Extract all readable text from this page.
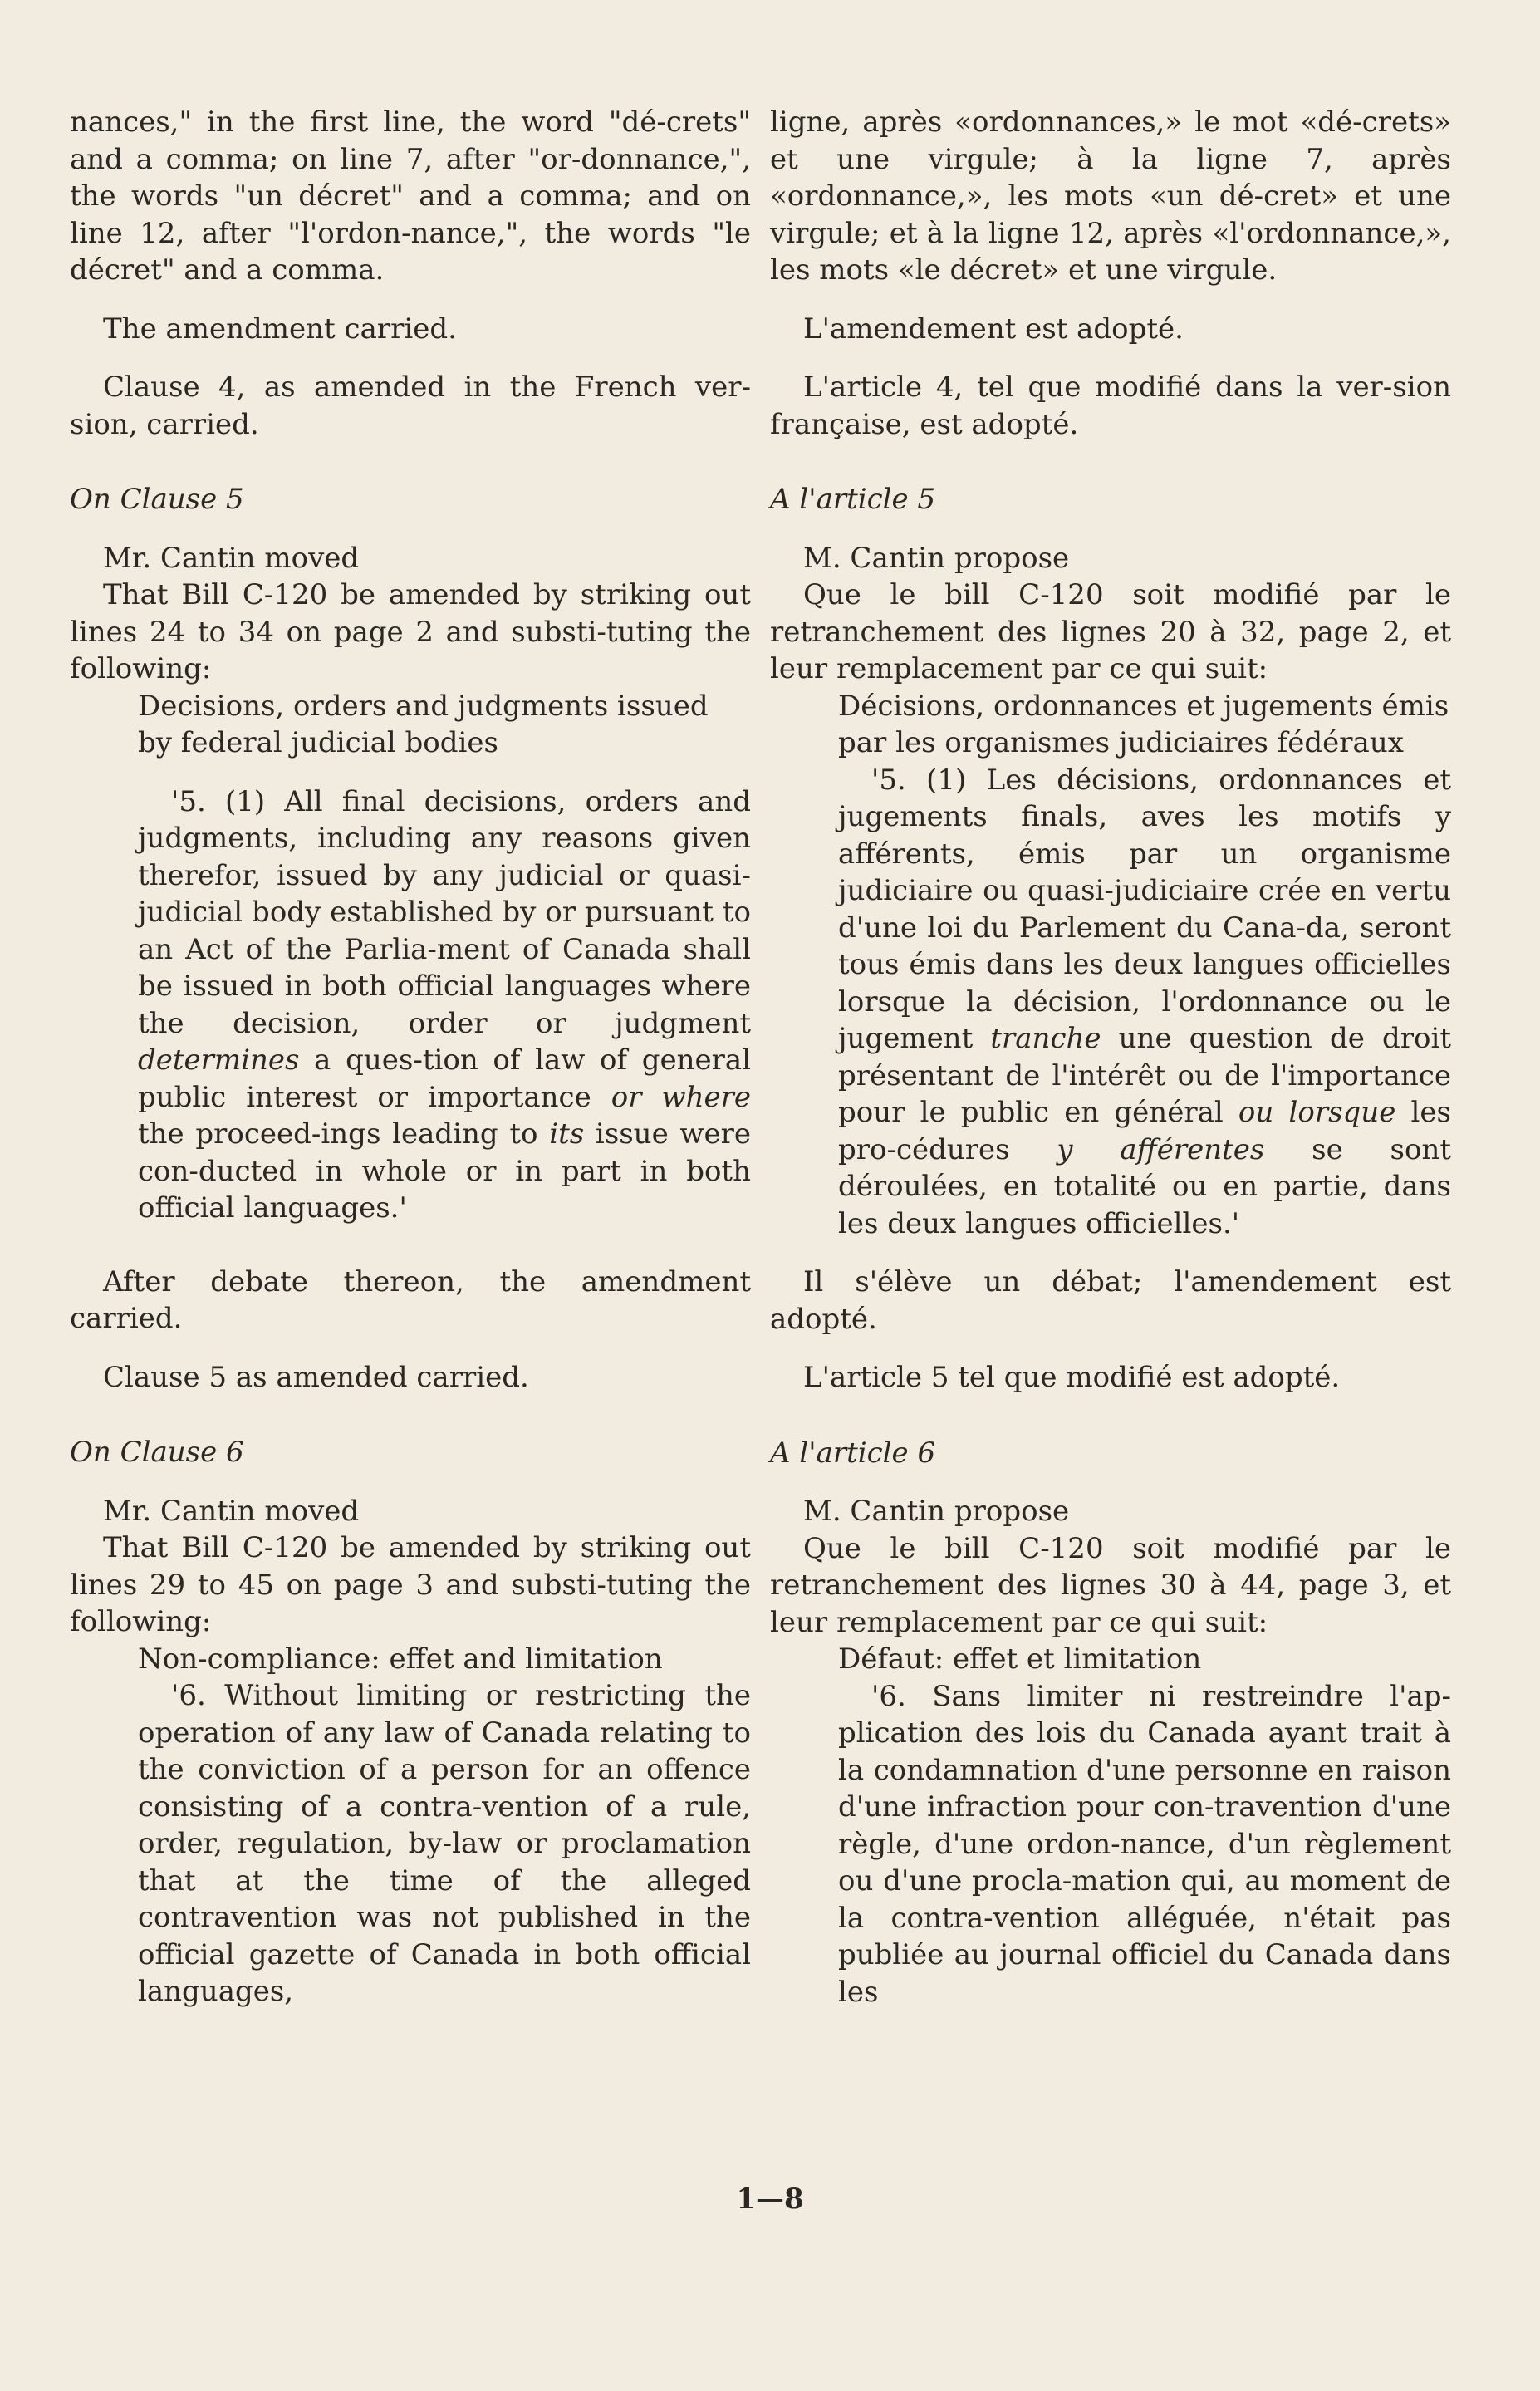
nances," in the first line, the word "dé-crets" and a comma; on line 7, after "or-donnance,", the words "un décret" and a comma; and on line 12, after "l'ordon-nance,", the words "le décret" and a comma.

The amendment carried.

Clause 4, as amended in the French ver-sion, carried.

On Clause 5

Mr. Cantin moved

That Bill C-120 be amended by striking out lines 24 to 34 on page 2 and substi-tuting the following:

Decisions, orders and judgments issued by federal judicial bodies

'5. (1) All final decisions, orders and judgments, including any reasons given therefor, issued by any judicial or quasi-judicial body established by or pursuant to an Act of the Parlia-ment of Canada shall be issued in both official languages where the decision, order or judgment determines a ques-tion of law of general public interest or importance or where the proceed-ings leading to its issue were con-ducted in whole or in part in both official languages.'

After debate thereon, the amendment carried.

Clause 5 as amended carried.

On Clause 6

Mr. Cantin moved

That Bill C-120 be amended by striking out lines 29 to 45 on page 3 and substi-tuting the following:

Non-compliance: effet and limitation

'6. Without limiting or restricting the operation of any law of Canada relating to the conviction of a person for an offence consisting of a contra-vention of a rule, order, regulation, by-law or proclamation that at the time of the alleged contravention was not published in the official gazette of Canada in both official languages,

ligne, après «ordonnances,» le mot «dé-crets» et une virgule; à la ligne 7, après «ordonnance,», les mots «un dé-cret» et une virgule; et à la ligne 12, après «l'ordonnance,», les mots «le décret» et une virgule.

L'amendement est adopté.

L'article 4, tel que modifié dans la ver-sion française, est adopté.

A l'article 5

M. Cantin propose

Que le bill C-120 soit modifié par le retranchement des lignes 20 à 32, page 2, et leur remplacement par ce qui suit:

Décisions, ordonnances et jugements émis par les organismes judiciaires fédéraux

'5. (1) Les décisions, ordonnances et jugements finals, aves les motifs y afférents, émis par un organisme judiciaire ou quasi-judiciaire crée en vertu d'une loi du Parlement du Cana-da, seront tous émis dans les deux langues officielles lorsque la décision, l'ordonnance ou le jugement tranche une question de droit présentant de l'intérêt ou de l'importance pour le public en général ou lorsque les pro-cédures y afférentes se sont déroulées, en totalité ou en partie, dans les deux langues officielles.'

Il s'élève un débat; l'amendement est adopté.

L'article 5 tel que modifié est adopté.

A l'article 6

M. Cantin propose

Que le bill C-120 soit modifié par le retranchement des lignes 30 à 44, page 3, et leur remplacement par ce qui suit:

Défaut: effet et limitation

'6. Sans limiter ni restreindre l'ap-plication des lois du Canada ayant trait à la condamnation d'une personne en raison d'une infraction pour con-travention d'une règle, d'une ordon-nance, d'un règlement ou d'une procla-mation qui, au moment de la contra-vention alléguée, n'était pas publiée au journal officiel du Canada dans les

1—8
